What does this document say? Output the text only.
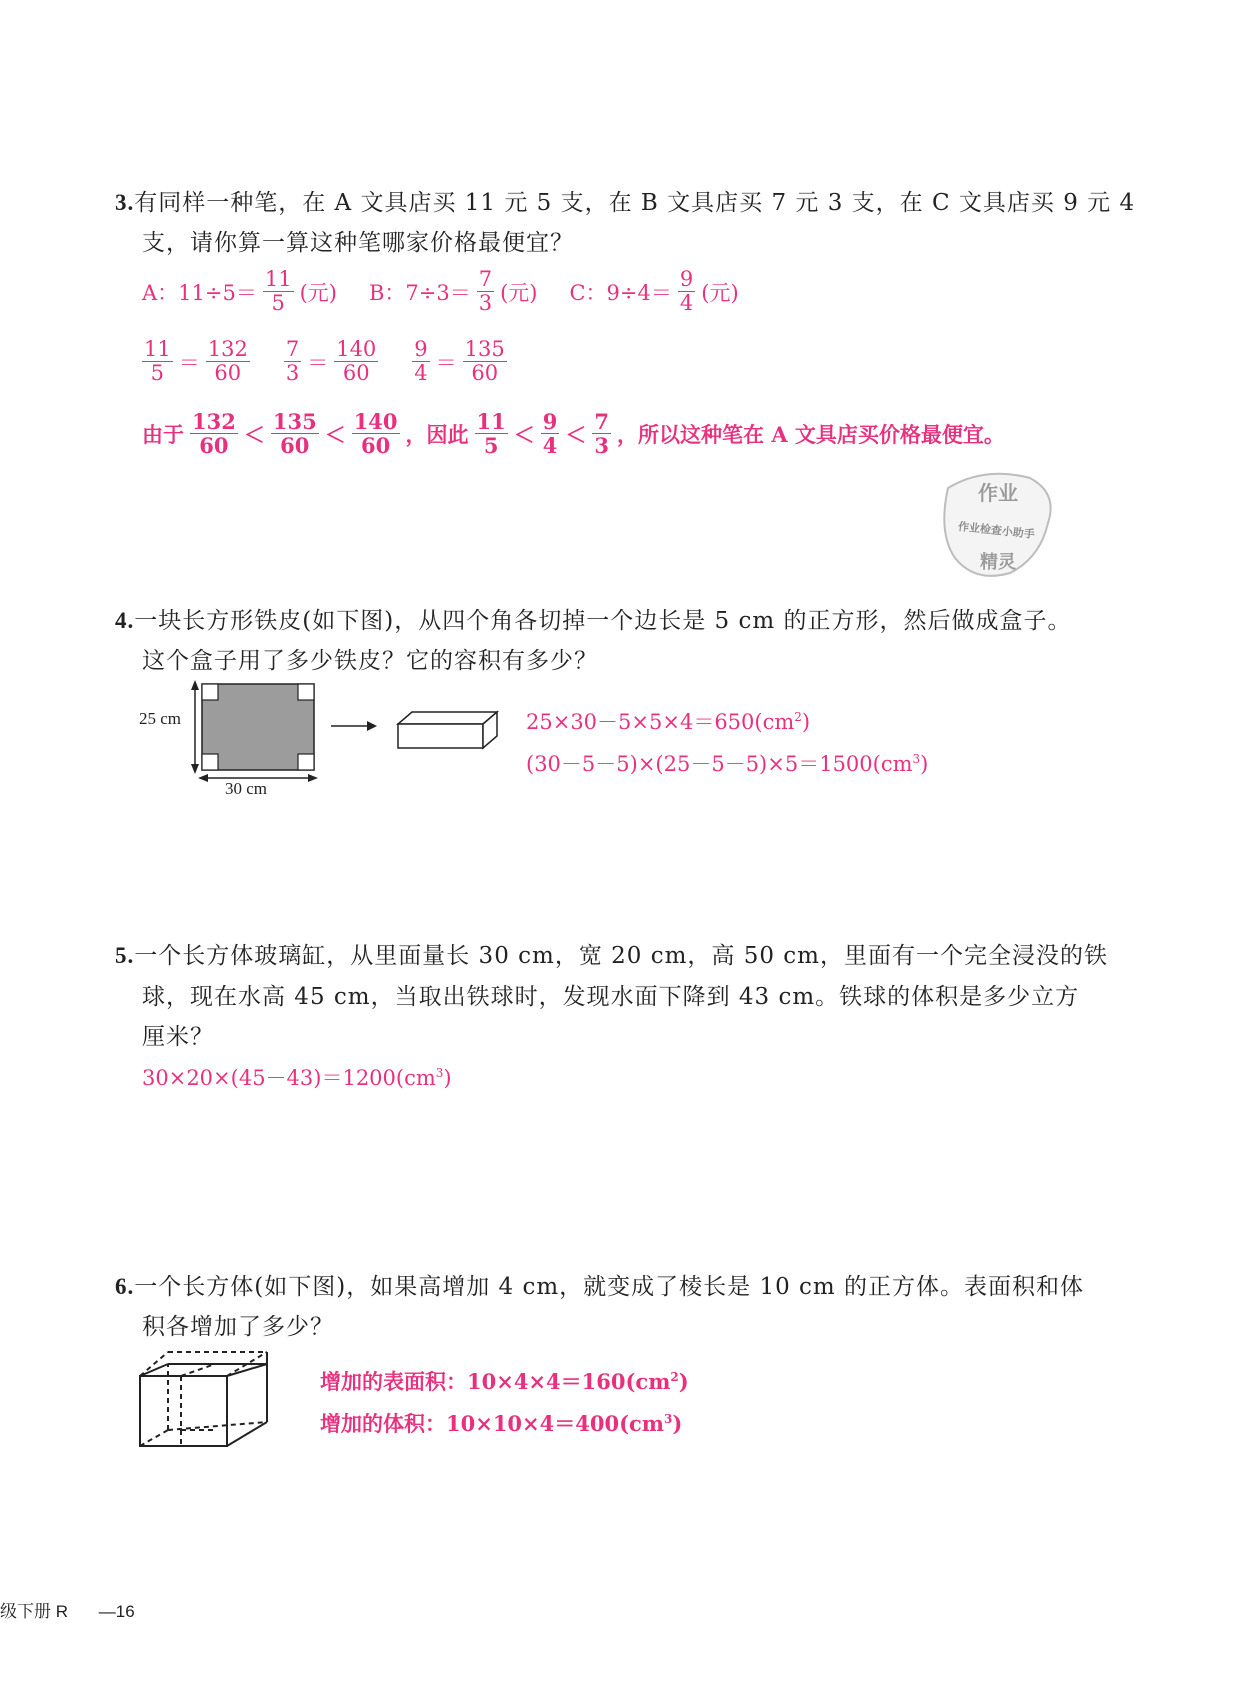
3.有同样一种笔，在 A 文具店买 11 元 5 支，在 B 文具店买 7 元 3 支，在 C 文具店买 9 元 4
支，请你算一算这种笔哪家价格最便宜？
A：$11\div 5= \frac{11}{5}$ (元) B：$7\div 3= \frac{7}{3}$ (元) C：$9\div 4= \frac{9}{4}$ (元)
$\frac{11}{5} = \frac{132}{60} \frac{7}{3} = \frac{140}{60} \frac{9}{4} = \frac{135}{60}$
由于 $\frac{132}{60} < \frac{135}{60} < \frac{140}{60}$ ，因此 $\frac{11}{5} < \frac{9}{4} < \frac{7}{3}$ ，所以这种笔在 A 文具店买价格最便宜。
作业
作业检查小助手
精灵
4.一块长方形铁皮(如下图)，从四个角各切掉一个边长是 5 cm 的正方形，然后做成盒子。
这个盒子用了多少铁皮？它的容积有多少？
25 cm
30 cm
$25\times 30-5\times 5\times 4=650(cm^2)$
$(30-5-5)\times(25-5-5)\times 5=1500(cm^3)$
5.一个长方体玻璃缸，从里面量长 30 cm，宽 20 cm，高 50 cm，里面有一个完全浸没的铁
球，现在水高 45 cm，当取出铁球时，发现水面下降到 43 cm。铁球的体积是多少立方
厘米？
$30\times 20\times(45-43)=1200(cm^3)$
6.一个长方体(如下图)，如果高增加 4 cm，就变成了棱长是 10 cm 的正方体。表面积和体
积各增加了多少？
增加的表面积：$10\times 4\times 4=160(cm^2)$
增加的体积：$10\times 10\times 4=400(cm^3)$
级下册 R —16
